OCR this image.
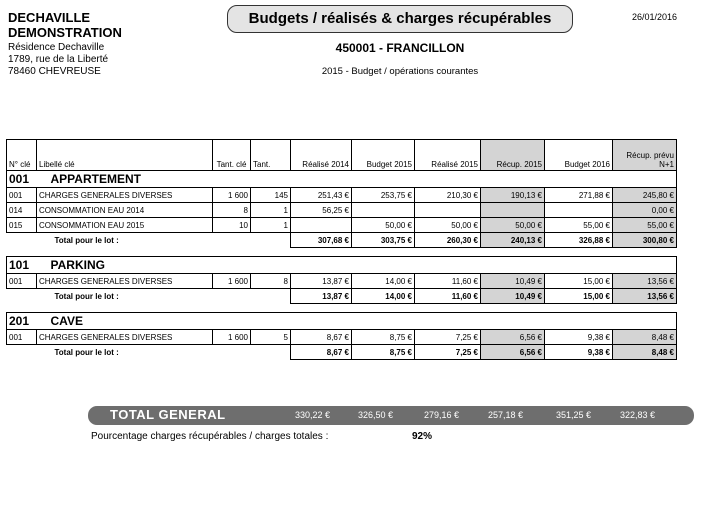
DECHAVILLE
DEMONSTRATION
Résidence Dechaville
1789, rue de la Liberté
78460 CHEVREUSE
Budgets / réalisés & charges récupérables	26/01/2016
450001 - FRANCILLON
2015 - Budget / opérations courantes
N° clé	Libellé clé	Tant. clé	Tant.	Réalisé 2014	Budget 2015	Réalisé 2015	Récup. 2015	Budget 2016	Récup. prévu N+1
001	APPARTEMENT								
001	CHARGES GENERALES DIVERSES	1 600	145	251,43 €	253,75 €	210,30 €	190,13 €	271,88 €	245,80 €
014	CONSOMMATION EAU 2014	8	1	56,25 €					0,00 €
015	CONSOMMATION EAU 2015	10	1		50,00 €	50,00 €	50,00 €	55,00 €	55,00 €
	Total pour le lot :			307,68 €	303,75 €	260,30 €	240,13 €	326,88 €	300,80 €

101	PARKING								
001	CHARGES GENERALES DIVERSES	1 600	8	13,87 €	14,00 €	11,60 €	10,49 €	15,00 €	13,56 €
	Total pour le lot :			13,87 €	14,00 €	11,60 €	10,49 €	15,00 €	13,56 €

201	CAVE								
001	CHARGES GENERALES DIVERSES	1 600	5	8,67 €	8,75 €	7,25 €	6,56 €	9,38 €	8,48 €
	Total pour le lot :			8,67 €	8,75 €	7,25 €	6,56 €	9,38 €	8,48 €
TOTAL GENERAL	330,22 €	326,50 €	279,16 €	257,18 €	351,25 €	322,83 €
Pourcentage charges récupérables / charges totales :	92%
